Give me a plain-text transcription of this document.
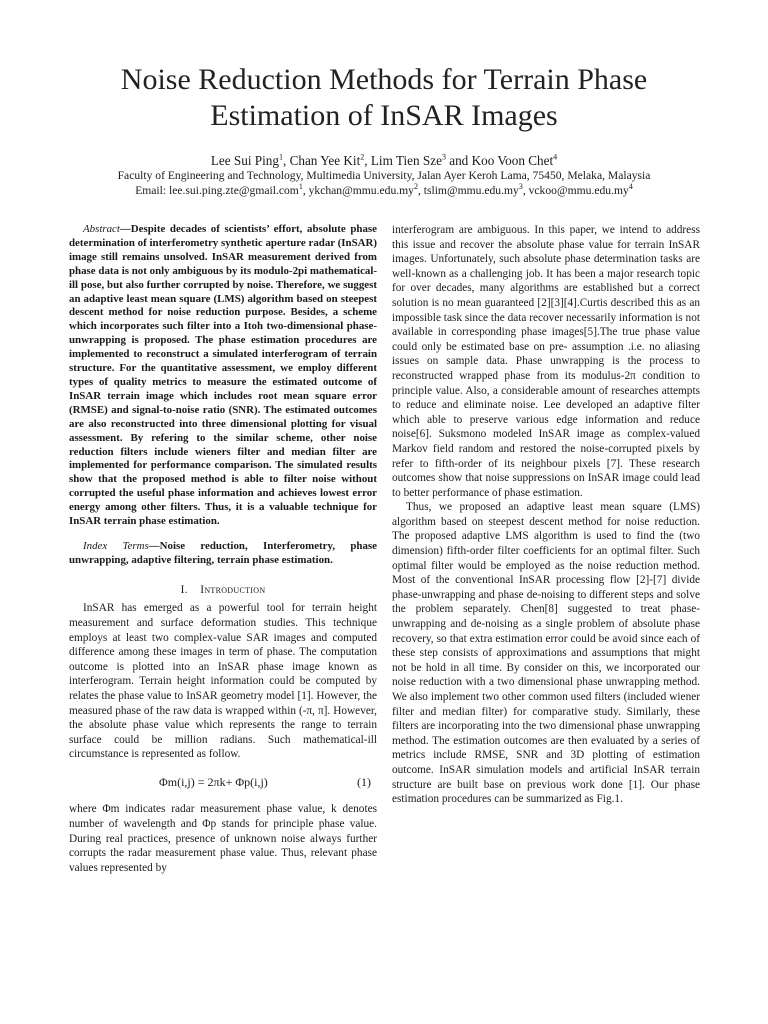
Noise Reduction Methods for Terrain Phase
Estimation of InSAR Images
Lee Sui Ping$^1$, Chan Yee Kit$^2$, Lim Tien Sze$^3$ and Koo Voon Chet$^4$
Faculty of Engineering and Technology, Multimedia University, Jalan Ayer Keroh Lama, 75450, Melaka, Malaysia
Email: lee.sui.ping.zte@gmail.com$^1$, $ykchan@mmu.edu.my^2$, $tslim@mmu.edu.my^3$, $vckoo@mmu.edu.my^4$

Abstract—Despite decades of scientists’ effort, absolute phase determination of interferometry synthetic aperture radar (InSAR) image still remains unsolved. InSAR measurement derived from phase data is not only ambiguous by its modulo-2pi mathematical-ill pose, but also further corrupted by noise. Therefore, we suggest an adaptive least mean square (LMS) algorithm based on steepest descent method for noise reduction purpose. Besides, a scheme which incorporates such filter into a Itoh two-dimensional phase-unwrapping is proposed. The phase estimation procedures are implemented to reconstruct a simulated interferogram of terrain structure. For the quantitative assessment, we employ different types of quality metrics to measure the estimated outcome of InSAR terrain image which includes root mean square error (RMSE) and signal-to-noise ratio (SNR). The estimated outcomes are also reconstructed into three dimensional plotting for visual assessment. By refering to the similar scheme, other noise reduction filters include wieners filter and median filter are implemented for performance comparison. The simulated results show that the proposed method is able to filter noise without corrupted the useful phase information and achieves lowest error energy among other filters. Thus, it is a valuable technique for InSAR terrain phase estimation.

Index Terms—Noise reduction, Interferometry, phase unwrapping, adaptive filtering, terrain phase estimation.

I. Introduction

InSAR has emerged as a powerful tool for terrain height measurement and surface deformation studies. This technique employs at least two complex-value SAR images and computed difference among these images in term of phase. The computation outcome is plotted into an InSAR phase image known as interferogram. Terrain height information could be computed by relates the phase value to InSAR geometry model [1]. However, the measured phase of the raw data is wrapped within (-π, π]. However, the absolute phase value which represents the range to terrain surface could be million radians. Such mathematical-ill circumstance is represented as follow.

Φm(i,j) = 2πk+ Φp(i,j)	(1)

where Φm indicates radar measurement phase value, k denotes number of wavelength and Φp stands for principle phase value. During real practices, presence of unknown noise always further corrupts the radar measurement phase value. Thus, relevant phase values represented by

interferogram are ambiguous. In this paper, we intend to address this issue and recover the absolute phase value for terrain InSAR images. Unfortunately, such absolute phase determination tasks are well-known as a challenging job. It has been a major research topic for over decades, many algorithms are established but a correct solution is no mean guaranteed [2][3][4].Curtis described this as an impossible task since the data recover necessarily information is not available in corresponding phase images[5].The true phase value could only be estimated base on pre- assumption .i.e. no aliasing issues on sample data. Phase unwrapping is the process to reconstructed wrapped phase from its modulus-2π condition to principle value. Also, a considerable amount of researches attempts to reduce and eliminate noise. Lee developed an adaptive filter which able to preserve various edge information and reduce noise[6]. Suksmono modeled InSAR image as complex-valued Markov field random and restored the noise-corrupted pixels by refer to fifth-order of its neighbour pixels [7]. These research outcomes show that noise suppressions on InSAR image could lead to better performance of phase estimation.

Thus, we proposed an adaptive least mean square (LMS) algorithm based on steepest descent method for noise reduction. The proposed adaptive LMS algorithm is used to find the (two dimension) fifth-order filter coefficients for an optimal filter. Such optimal filter would be employed as the noise reduction method. Most of the conventional InSAR processing flow [2]-[7] divide phase-unwrapping and phase de-noising to different steps and solve the problem separately. Chen[8] suggested to treat phase-unwrapping and de-noising as a single problem of absolute phase recovery, so that extra estimation error could be avoid since each of these step consists of approximations and assumptions that might not be hold in all time. By consider on this, we incorporated our noise reduction with a two dimensional phase unwrapping method. We also implement two other common used filters (included wiener filter and median filter) for comparative study. Similarly, these filters are incorporating into the two dimensional phase unwrapping method. The estimation outcomes are then evaluated by a series of metrics include RMSE, SNR and 3D plotting of estimation outcome. InSAR simulation models and artificial InSAR terrain structure are built base on previous work done [1]. Our phase estimation procedures can be summarized as Fig.1.
